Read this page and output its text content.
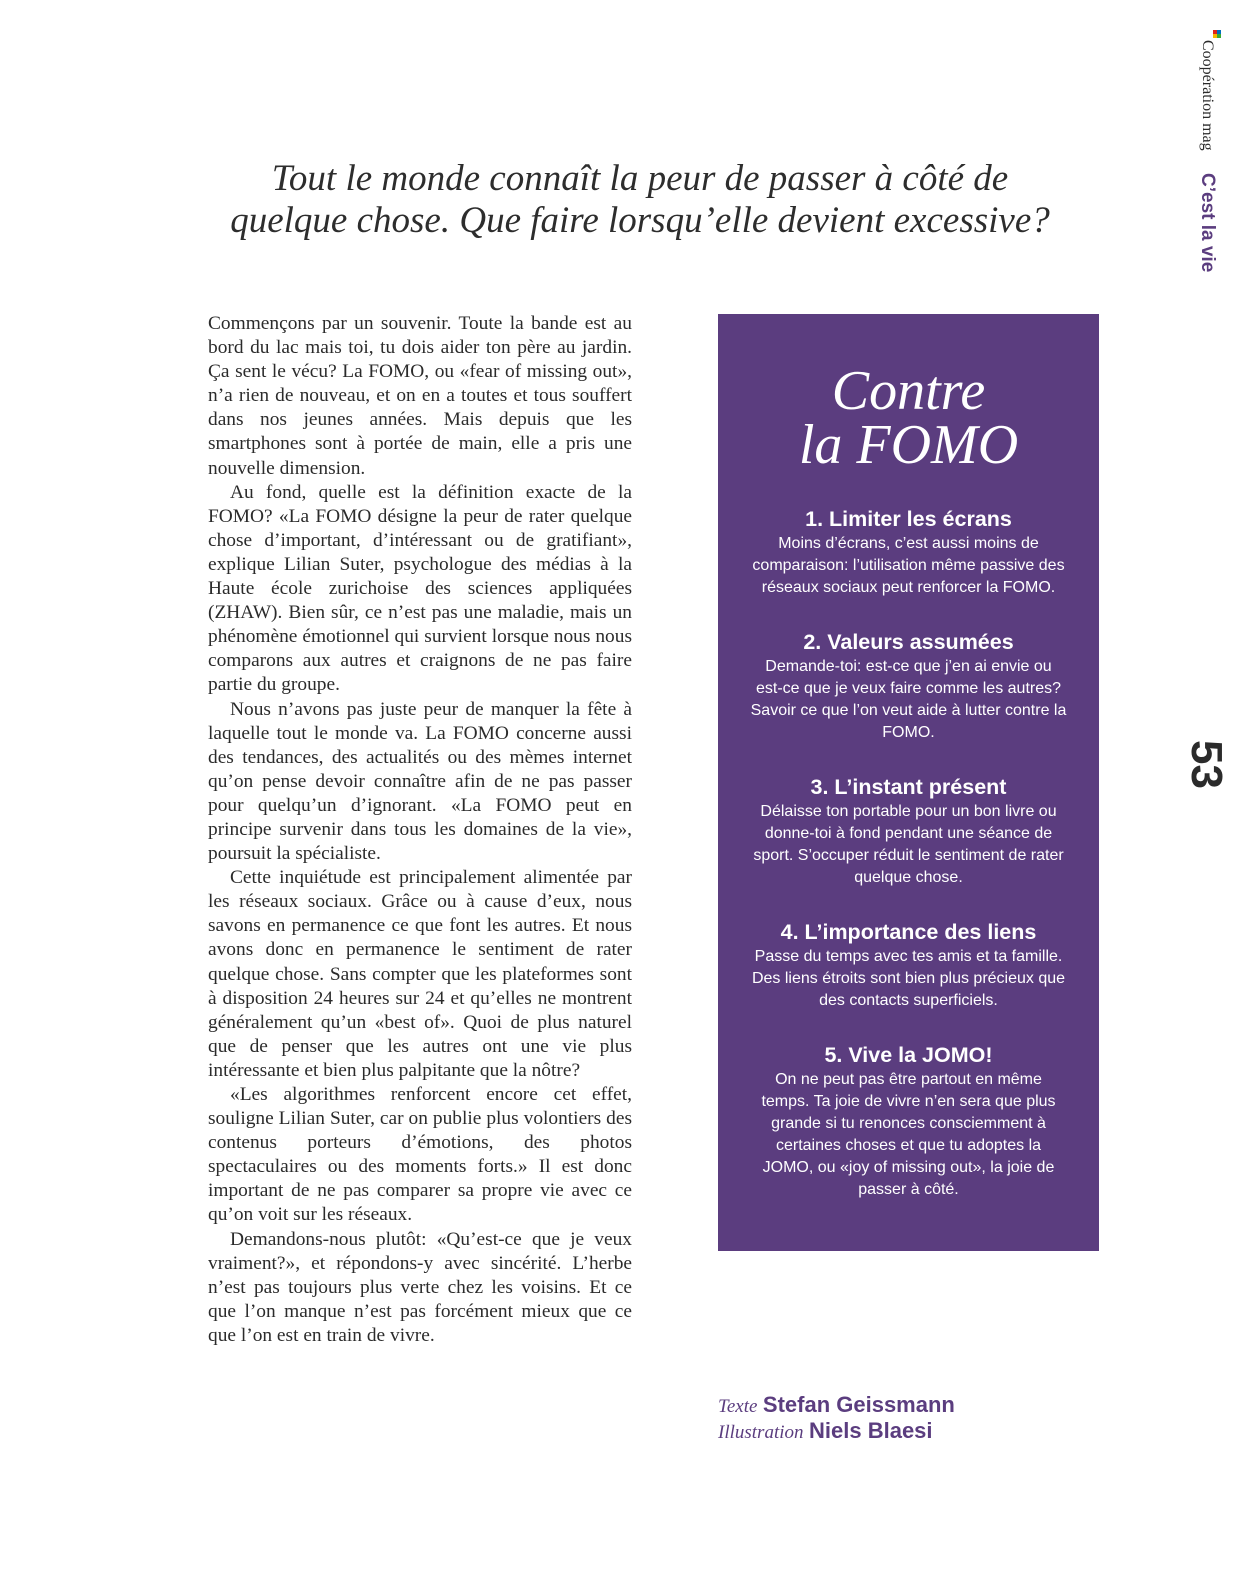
Coopération mag C’est la vie
53
Tout le monde connaît la peur de passer à côté de
quelque chose. Que faire lorsqu’elle devient excessive?

Commençons par un souvenir. Toute la bande est au bord du lac mais toi, tu dois aider ton père au jardin. Ça sent le vécu? La FOMO, ou «fear of missing out», n’a rien de nouveau, et on en a toutes et tous souffert dans nos jeunes années. Mais depuis que les smartphones sont à portée de main, elle a pris une nouvelle dimension.

Au fond, quelle est la définition exacte de la FOMO? «La FOMO désigne la peur de rater quelque chose d’important, d’intéressant ou de gratifiant», explique Lilian Suter, psychologue des médias à la Haute école zurichoise des sciences appliquées (ZHAW). Bien sûr, ce n’est pas une maladie, mais un phénomène émotionnel qui survient lorsque nous nous comparons aux autres et craignons de ne pas faire partie du groupe.

Nous n’avons pas juste peur de manquer la fête à laquelle tout le monde va. La FOMO concerne aussi des tendances, des actualités ou des mèmes internet qu’on pense devoir connaître afin de ne pas passer pour quelqu’un d’ignorant. «La FOMO peut en principe survenir dans tous les domaines de la vie», poursuit la spécialiste.

Cette inquiétude est principalement alimentée par les réseaux sociaux. Grâce ou à cause d’eux, nous savons en permanence ce que font les autres. Et nous avons donc en permanence le sentiment de rater quelque chose. Sans compter que les plateformes sont à disposition 24 heures sur 24 et qu’elles ne montrent généralement qu’un «best of». Quoi de plus naturel que de penser que les autres ont une vie plus intéressante et bien plus palpitante que la nôtre?

«Les algorithmes renforcent encore cet effet, souligne Lilian Suter, car on publie plus volontiers des contenus porteurs d’émotions, des photos spectaculaires ou des moments forts.» Il est donc important de ne pas comparer sa propre vie avec ce qu’on voit sur les réseaux.

Demandons-nous plutôt: «Qu’est-ce que je veux vraiment?», et répondons-y avec sincérité. L’herbe n’est pas toujours plus verte chez les voisins. Et ce que l’on manque n’est pas forcément mieux que ce que l’on est en train de vivre.

Contre
la FOMO
1. Limiter les écrans
Moins d’écrans, c’est aussi moins de comparaison: l’utilisation même passive des réseaux sociaux peut renforcer la FOMO.
2. Valeurs assumées
Demande-toi: est-ce que j’en ai envie ou est-ce que je veux faire comme les autres? Savoir ce que l’on veut aide à lutter contre la FOMO.
3. L’instant présent
Délaisse ton portable pour un bon livre ou donne-toi à fond pendant une séance de sport. S’occuper réduit le sentiment de rater quelque chose.
4. L’importance des liens
Passe du temps avec tes amis et ta famille. Des liens étroits sont bien plus précieux que des contacts superficiels.
5. Vive la JOMO!
On ne peut pas être partout en même temps. Ta joie de vivre n’en sera que plus grande si tu renonces consciemment à certaines choses et que tu adoptes la JOMO, ou «joy of missing out», la joie de passer à côté.
Texte Stefan Geissmann
Illustration Niels Blaesi
